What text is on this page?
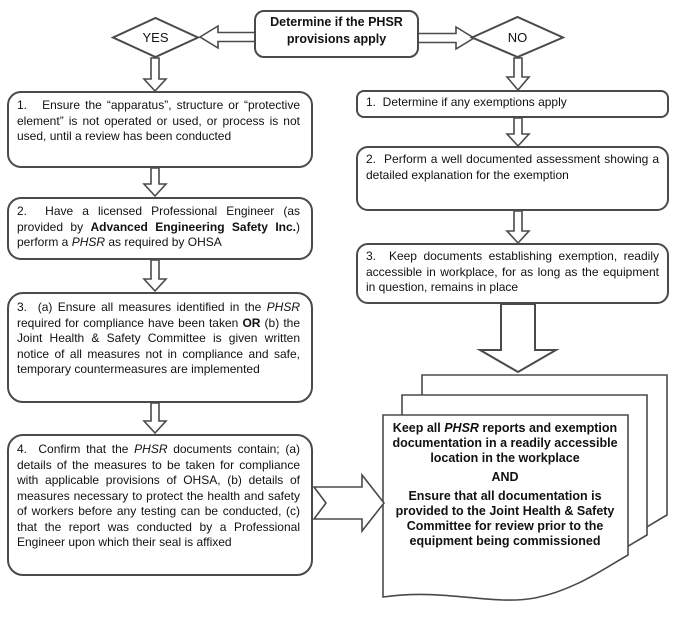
Determine if the PHSR provisions apply
YES	NO
1.   Ensure the “apparatus”, structure or “protective element” is not operated or used, or process is not used, until a review has been conducted
2.  Have a licensed Professional Engineer (as provided by Advanced Engineering Safety Inc.) perform a PHSR as required by OHSA
3.  (a) Ensure all measures identified in the PHSR required for compliance have been taken OR (b) the Joint Health & Safety Committee is given written notice of all measures not in compliance and safe, temporary countermeasures are implemented
4.  Confirm that the PHSR documents contain; (a) details of the measures to be taken for compliance with applicable provisions of OHSA, (b) details of measures necessary to protect the health and safety of workers before any testing can be conducted, (c) that the report was conducted by a Professional Engineer upon which their seal is affixed
1.  Determine if any exemptions apply
2.  Perform a well documented assessment showing a detailed explanation for the exemption
3.  Keep documents establishing exemption, readily accessible in workplace, for as long as the equipment in question, remains in place

Keep all PHSR reports and exemption documentation in a readily accessible location in the workplace

AND

Ensure that all documentation is provided to the Joint Health & Safety Committee for review prior to the equipment being commissioned
